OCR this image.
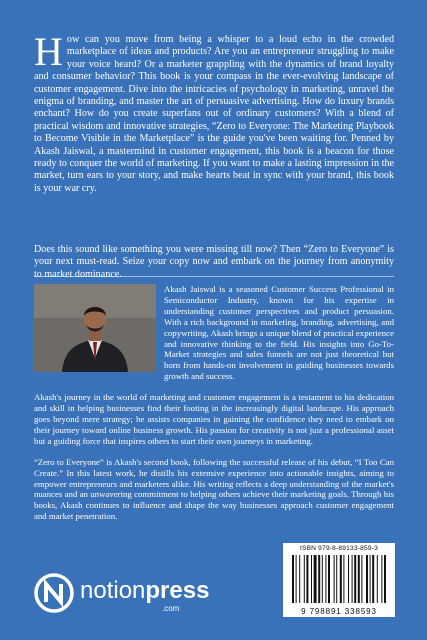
H ow can you move from being a whisper to a loud echo in the crowded marketplace of ideas and products? Are you an entrepreneur struggling to make your voice heard? Or a marketer grappling with the dynamics of brand loyalty and consumer behavior? This book is your compass in the ever-evolving landscape of customer engagement. Dive into the intricacies of psychology in marketing, unravel the enigma of branding, and master the art of persuasive advertising. How do luxury brands enchant? How do you create superfans out of ordinary customers? With a blend of practical wisdom and innovative strategies, “Zero to Everyone: The Marketing Playbook to Become Visible in the Marketplace” is the guide you've been waiting for. Penned by Akash Jaiswal, a mastermind in customer engagement, this book is a beacon for those ready to conquer the world of marketing. If you want to make a lasting impression in the market, turn ears to your story, and make hearts beat in sync with your brand, this book is your war cry.

Does this sound like something you were missing till now? Then “Zero to Everyone” is your next must-read. Seize your copy now and embark on the journey from anonymity to market dominance.

Akash Jaiswal is a seasoned Customer Success Professional in Semiconductor Industry, known for his expertise in understanding customer perspectives and product persuasion. With a rich background in marketing, branding, advertising, and copywriting, Akash brings a unique blend of practical experience and innovative thinking to the field. His insights into Go-To-Market strategies and sales funnels are not just theoretical but born from hands-on involvement in guiding businesses towards growth and success.

Akash's journey in the world of marketing and customer engagement is a testament to his dedication and skill in helping businesses find their footing in the increasingly digital landscape. His approach goes beyond mere strategy; he assists companies in gaining the confidence they need to embark on their journey toward online business growth. His passion for creativity is not just a professional asset but a guiding force that inspires others to start their own journeys in marketing.

“Zero to Everyone” is Akash's second book, following the successful release of his debut, “I Too Can Create.” In this latest work, he distills his extensive experience into actionable insights, aiming to empower entrepreneurs and marketers alike. His writing reflects a deep understanding of the market's nuances and an unwavering commitment to helping others achieve their marketing goals. Through his books, Akash continues to influence and shape the way businesses approach customer engagement and market penetration.

ISBN 979-8-89133-859-3
9 798891 338593
notionpress
.com
